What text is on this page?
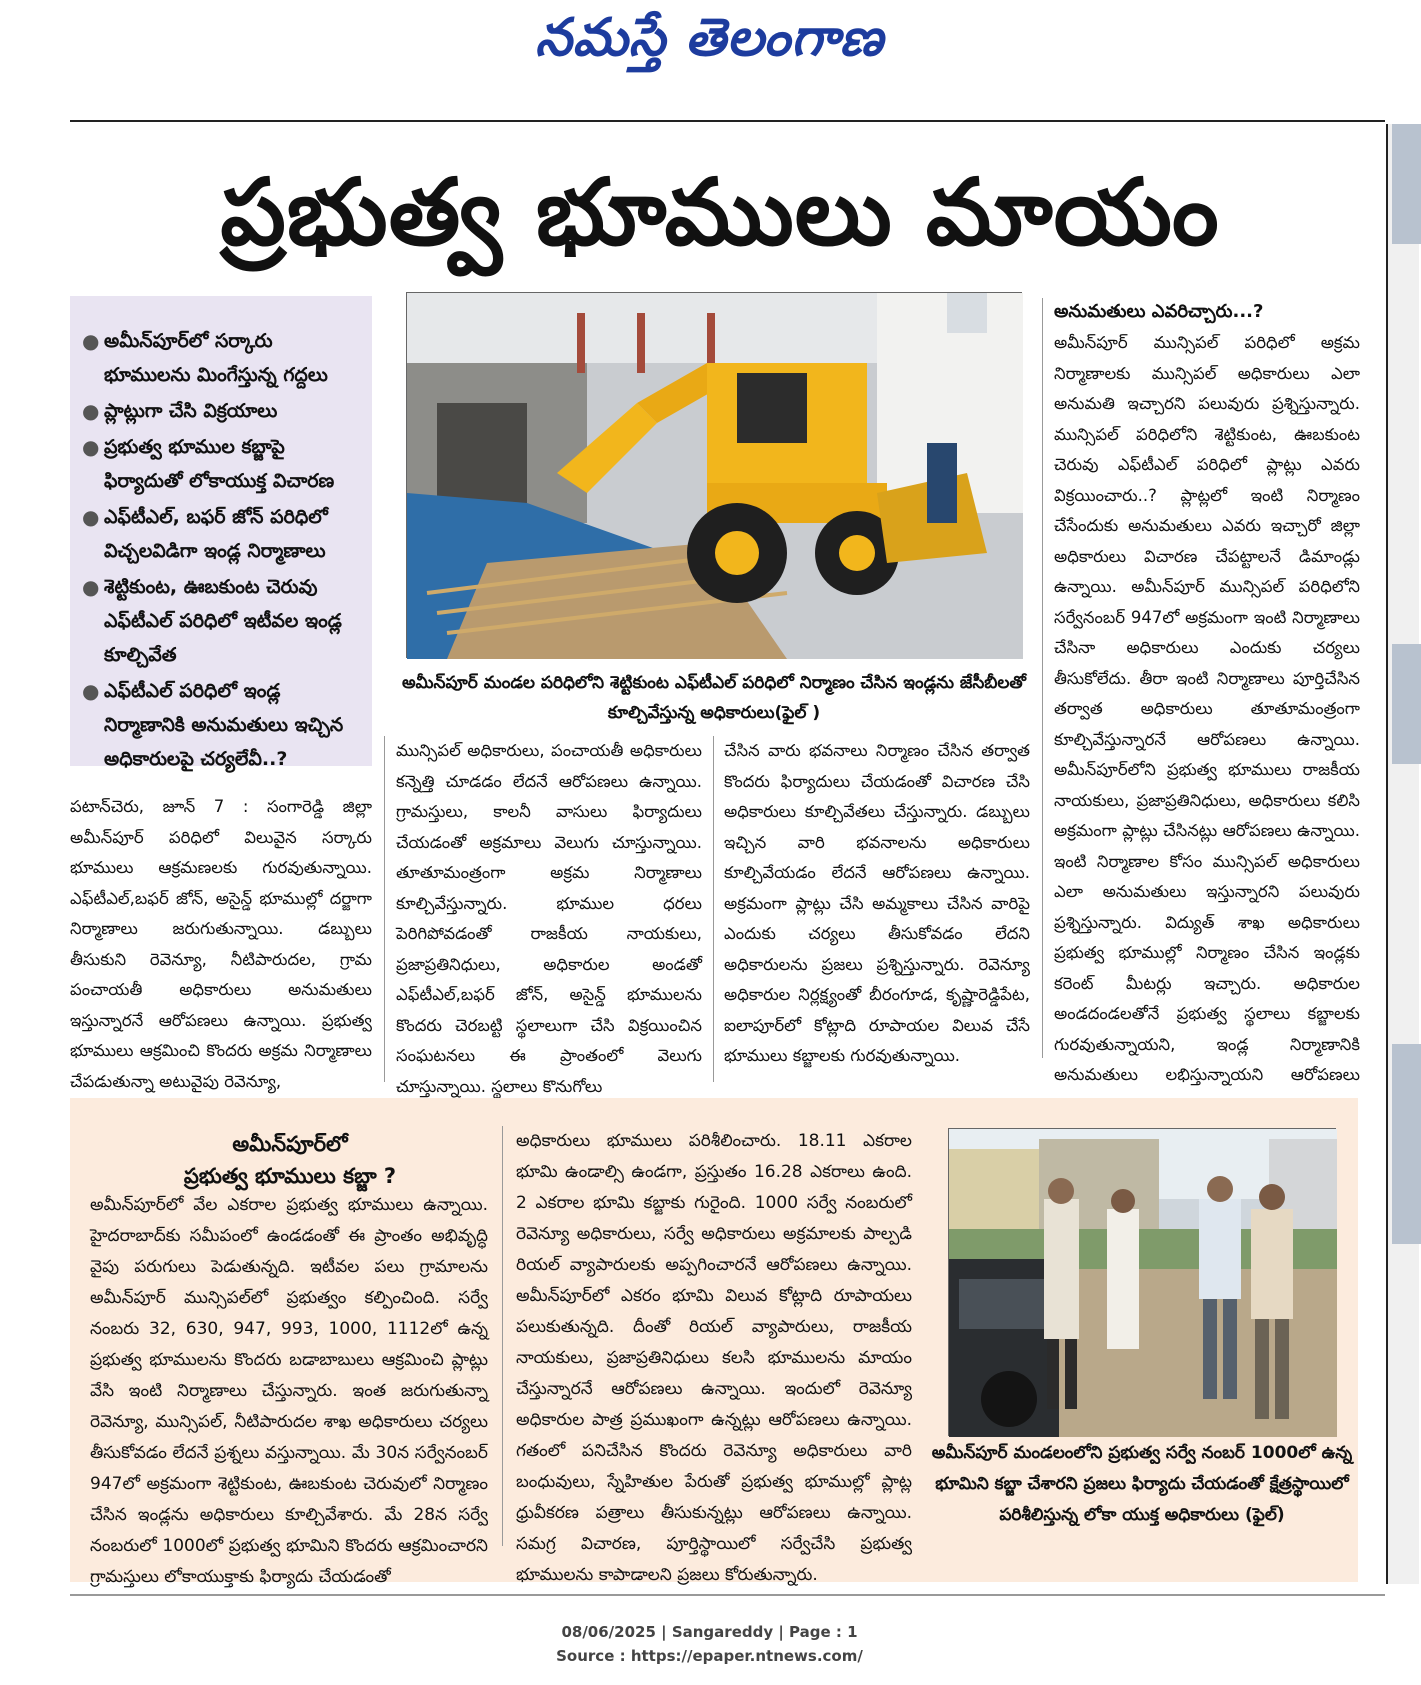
నమస్తే తెలంగాణ
ప్రభుత్వ భూములు మాయం
● అమీన్‌పూర్‌లో సర్కారు భూములను మింగేస్తున్న గద్దలు
● ప్లాట్లుగా చేసి విక్రయాలు
● ప్రభుత్వ భూముల కబ్జాపై ఫిర్యాదుతో లోకాయుక్త విచారణ
● ఎఫ్‌టీఎల్‌, బఫర్‌ జోన్‌ పరిధిలో విచ్చలవిడిగా ఇండ్ల నిర్మాణాలు
● శెట్టికుంట, ఊబకుంట చెరువు ఎఫ్‌టీఎల్‌ పరిధిలో ఇటీవల ఇండ్ల కూల్చివేత
● ఎఫ్‌టీఎల్‌ పరిధిలో ఇండ్ల నిర్మాణానికి అనుమతులు ఇచ్చిన అధికారులపై చర్యలేవీ..?
అమీన్‌పూర్‌ మండల పరిధిలోని శెట్టికుంట ఎఫ్‌టీఎల్‌ పరిధిలో నిర్మాణం చేసిన ఇండ్లను జేసీబీలతో కూల్చివేస్తున్న అధికారులు(ఫైల్‌ )
పటాన్‌చెరు, జూన్‌ 7 : సంగారెడ్డి జిల్లా అమీన్‌పూర్‌ పరిధిలో విలువైన సర్కారు భూములు ఆక్రమణలకు గురవుతున్నాయి. ఎఫ్‌టీఎల్‌,బఫర్‌ జోన్‌, అసైన్డ్‌ భూముల్లో దర్జాగా నిర్మాణాలు జరుగుతున్నాయి. డబ్బులు తీసుకుని రెవెన్యూ, నీటిపారుదల, గ్రామ పంచాయతీ అధికారులు అనుమతులు ఇస్తున్నారనే ఆరోపణలు ఉన్నాయి. ప్రభుత్వ భూములు ఆక్రమించి కొందరు అక్రమ నిర్మాణాలు చేపడుతున్నా అటువైపు రెవెన్యూ,
మున్సిపల్‌ అధికారులు, పంచాయతీ అధికారులు కన్నెత్తి చూడడం లేదనే ఆరోపణలు ఉన్నాయి. గ్రామస్తులు, కాలనీ వాసులు ఫిర్యాదులు చేయడంతో అక్రమాలు వెలుగు చూస్తున్నాయి. తూతూమంత్రంగా అక్రమ నిర్మాణాలు కూల్చివేస్తున్నారు. భూముల ధరలు పెరిగిపోవడంతో రాజకీయ నాయకులు, ప్రజాప్రతినిధులు, అధికారుల అండతో ఎఫ్‌టీఎల్‌,బఫర్‌ జోన్‌, అసైన్డ్‌ భూములను కొందరు చెరబట్టి స్థలాలుగా చేసి విక్రయించిన సంఘటనలు ఈ ప్రాంతంలో వెలుగు చూస్తున్నాయి. స్థలాలు కొనుగోలు
చేసిన వారు భవనాలు నిర్మాణం చేసిన తర్వాత కొందరు ఫిర్యాదులు చేయడంతో విచారణ చేసి అధికారులు కూల్చివేతలు చేస్తున్నారు. డబ్బులు ఇచ్చిన వారి భవనాలను అధికారులు కూల్చివేయడం లేదనే ఆరోపణలు ఉన్నాయి. అక్రమంగా ప్లాట్లు చేసి అమ్మకాలు చేసిన వారిపై ఎందుకు చర్యలు తీసుకోవడం లేదని అధికారులను ప్రజలు ప్రశ్నిస్తున్నారు. రెవెన్యూ అధికారుల నిర్లక్ష్యంతో బీరంగూడ, కృష్ణారెడ్డిపేట, ఐలాపూర్‌లో కోట్లాది రూపాయల విలువ చేసే భూములు కబ్జాలకు గురవుతున్నాయి.
అనుమతులు ఎవరిచ్చారు...?
అమీన్‌పూర్‌ మున్సిపల్‌ పరిధిలో అక్రమ నిర్మాణాలకు మున్సిపల్‌ అధికారులు ఎలా అనుమతి ఇచ్చారని పలువురు ప్రశ్నిస్తున్నారు. మున్సిపల్‌ పరిధిలోని శెట్టికుంట, ఊబకుంట చెరువు ఎఫ్‌టీఎల్‌ పరిధిలో ప్లాట్లు ఎవరు విక్రయించారు..? ప్లాట్లలో ఇంటి నిర్మాణం చేసేందుకు అనుమతులు ఎవరు ఇచ్చారో జిల్లా అధికారులు విచారణ చేపట్టాలనే డిమాండ్లు ఉన్నాయి. అమీన్‌పూర్‌ మున్సిపల్‌ పరిధిలోని సర్వేనంబర్‌ 947లో అక్రమంగా ఇంటి నిర్మాణాలు చేసినా అధికారులు ఎందుకు చర్యలు తీసుకోలేదు. తీరా ఇంటి నిర్మాణాలు పూర్తిచేసిన తర్వాత అధికారులు తూతూమంత్రంగా కూల్చివేస్తున్నారనే ఆరోపణలు ఉన్నాయి. అమీన్‌పూర్‌లోని ప్రభుత్వ భూములు రాజకీయ నాయకులు, ప్రజాప్రతినిధులు, అధికారులు కలిసి అక్రమంగా ప్లాట్లు చేసినట్లు ఆరోపణలు ఉన్నాయి. ఇంటి నిర్మాణాల కోసం మున్సిపల్‌ అధికారులు ఎలా అనుమతులు ఇస్తున్నారని పలువురు ప్రశ్నిస్తున్నారు. విద్యుత్‌ శాఖ అధికారులు ప్రభుత్వ భూముల్లో నిర్మాణం చేసిన ఇండ్లకు కరెంట్‌ మీటర్లు ఇచ్చారు. అధికారుల అండదండలతోనే ప్రభుత్వ స్థలాలు కబ్జాలకు గురవుతున్నాయని, ఇండ్ల నిర్మాణానికి అనుమతులు లభిస్తున్నాయని ఆరోపణలు
అమీన్‌పూర్‌లో
ప్రభుత్వ భూములు కబ్జా ?
అమీన్‌పూర్‌లో వేల ఎకరాల ప్రభుత్వ భూములు ఉన్నాయి. హైదరాబాద్‌కు సమీపంలో ఉండడంతో ఈ ప్రాంతం అభివృద్ధి వైపు పరుగులు పెడుతున్నది. ఇటీవల పలు గ్రామాలను అమీన్‌పూర్‌ మున్సిపల్‌లో ప్రభుత్వం కల్పించింది. సర్వే నంబరు 32, 630, 947, 993, 1000, 1112లో ఉన్న ప్రభుత్వ భూములను కొందరు బడాబాబులు ఆక్రమించి ప్లాట్లు వేసి ఇంటి నిర్మాణాలు చేస్తున్నారు. ఇంత జరుగుతున్నా రెవెన్యూ, మున్సిపల్‌, నీటిపారుదల శాఖ అధికారులు చర్యలు తీసుకోవడం లేదనే ప్రశ్నలు వస్తున్నాయి. మే 30న సర్వేనంబర్‌ 947లో అక్రమంగా శెట్టికుంట, ఊబకుంట చెరువులో నిర్మాణం చేసిన ఇండ్లను అధికారులు కూల్చివేశారు. మే 28న సర్వే నంబరులో 1000లో ప్రభుత్వ భూమిని కొందరు ఆక్రమించారని గ్రామస్తులు లోకాయుక్తాకు ఫిర్యాదు చేయడంతో
అధికారులు భూములు పరిశీలించారు. 18.11 ఎకరాల భూమి ఉండాల్సి ఉండగా, ప్రస్తుతం 16.28 ఎకరాలు ఉంది. 2 ఎకరాల భూమి కబ్జాకు గురైంది. 1000 సర్వే నంబరులో రెవెన్యూ అధికారులు, సర్వే అధికారులు అక్రమాలకు పాల్పడి రియల్‌ వ్యాపారులకు అప్పగించారనే ఆరోపణలు ఉన్నాయి. అమీన్‌పూర్‌లో ఎకరం భూమి విలువ కోట్లాది రూపాయలు పలుకుతున్నది. దీంతో రియల్‌ వ్యాపారులు, రాజకీయ నాయకులు, ప్రజాప్రతినిధులు కలసి భూములను మాయం చేస్తున్నారనే ఆరోపణలు ఉన్నాయి. ఇందులో రెవెన్యూ అధికారుల పాత్ర ప్రముఖంగా ఉన్నట్లు ఆరోపణలు ఉన్నాయి. గతంలో పనిచేసిన కొందరు రెవెన్యూ అధికారులు వారి బంధువులు, స్నేహితుల పేరుతో ప్రభుత్వ భూముల్లో ప్లాట్ల ధ్రువీకరణ పత్రాలు తీసుకున్నట్లు ఆరోపణలు ఉన్నాయి. సమగ్ర విచారణ, పూర్తిస్థాయిలో సర్వేచేసి ప్రభుత్వ భూములను కాపాడాలని ప్రజలు కోరుతున్నారు.
అమీన్‌పూర్‌ మండలంలోని ప్రభుత్వ సర్వే నంబర్‌ 1000లో ఉన్న భూమిని కబ్జా చేశారని ప్రజలు ఫిర్యాదు చేయడంతో క్షేత్రస్థాయిలో పరిశీలిస్తున్న లోకా యుక్త అధికారులు (ఫైల్‌)
08/06/2025 | Sangareddy | Page : 1
Source : https://epaper.ntnews.com/
